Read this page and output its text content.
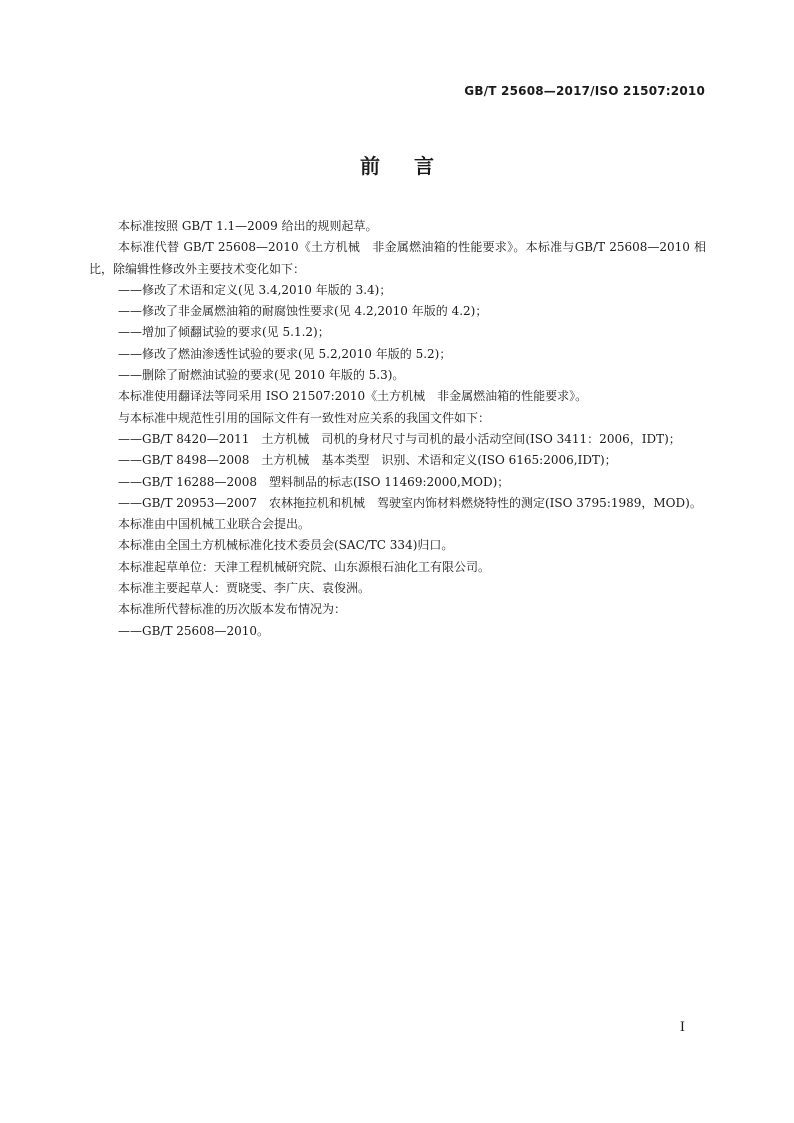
GB/T 25608—2017/ISO 21507:2010
前言

本标准按照 GB/T 1.1—2009 给出的规则起草。

本标准代替 GB/T 25608—2010《土方机械　非金属燃油箱的性能要求》。本标准与GB/T 25608—2010 相比，除编辑性修改外主要技术变化如下：

——修改了术语和定义(见 3.4,2010 年版的 3.4)；

——修改了非金属燃油箱的耐腐蚀性要求(见 4.2,2010 年版的 4.2)；

——增加了倾翻试验的要求(见 5.1.2)；

——修改了燃油渗透性试验的要求(见 5.2,2010 年版的 5.2)；

——删除了耐燃油试验的要求(见 2010 年版的 5.3)。

本标准使用翻译法等同采用 ISO 21507:2010《土方机械　非金属燃油箱的性能要求》。

与本标准中规范性引用的国际文件有一致性对应关系的我国文件如下：

——GB/T 8420—2011　土方机械　司机的身材尺寸与司机的最小活动空间(ISO 3411：2006，IDT)；

——GB/T 8498—2008　土方机械　基本类型　识别、术语和定义(ISO 6165:2006,IDT)；

——GB/T 16288—2008　塑料制品的标志(ISO 11469:2000,MOD)；

——GB/T 20953—2007　农林拖拉机和机械　驾驶室内饰材料燃烧特性的测定(ISO 3795:1989，MOD)。

本标准由中国机械工业联合会提出。

本标准由全国土方机械标准化技术委员会(SAC/TC 334)归口。

本标准起草单位：天津工程机械研究院、山东源根石油化工有限公司。

本标准主要起草人：贾晓雯、李广庆、袁俊洲。

本标准所代替标准的历次版本发布情况为：

——GB/T 25608—2010。

I
